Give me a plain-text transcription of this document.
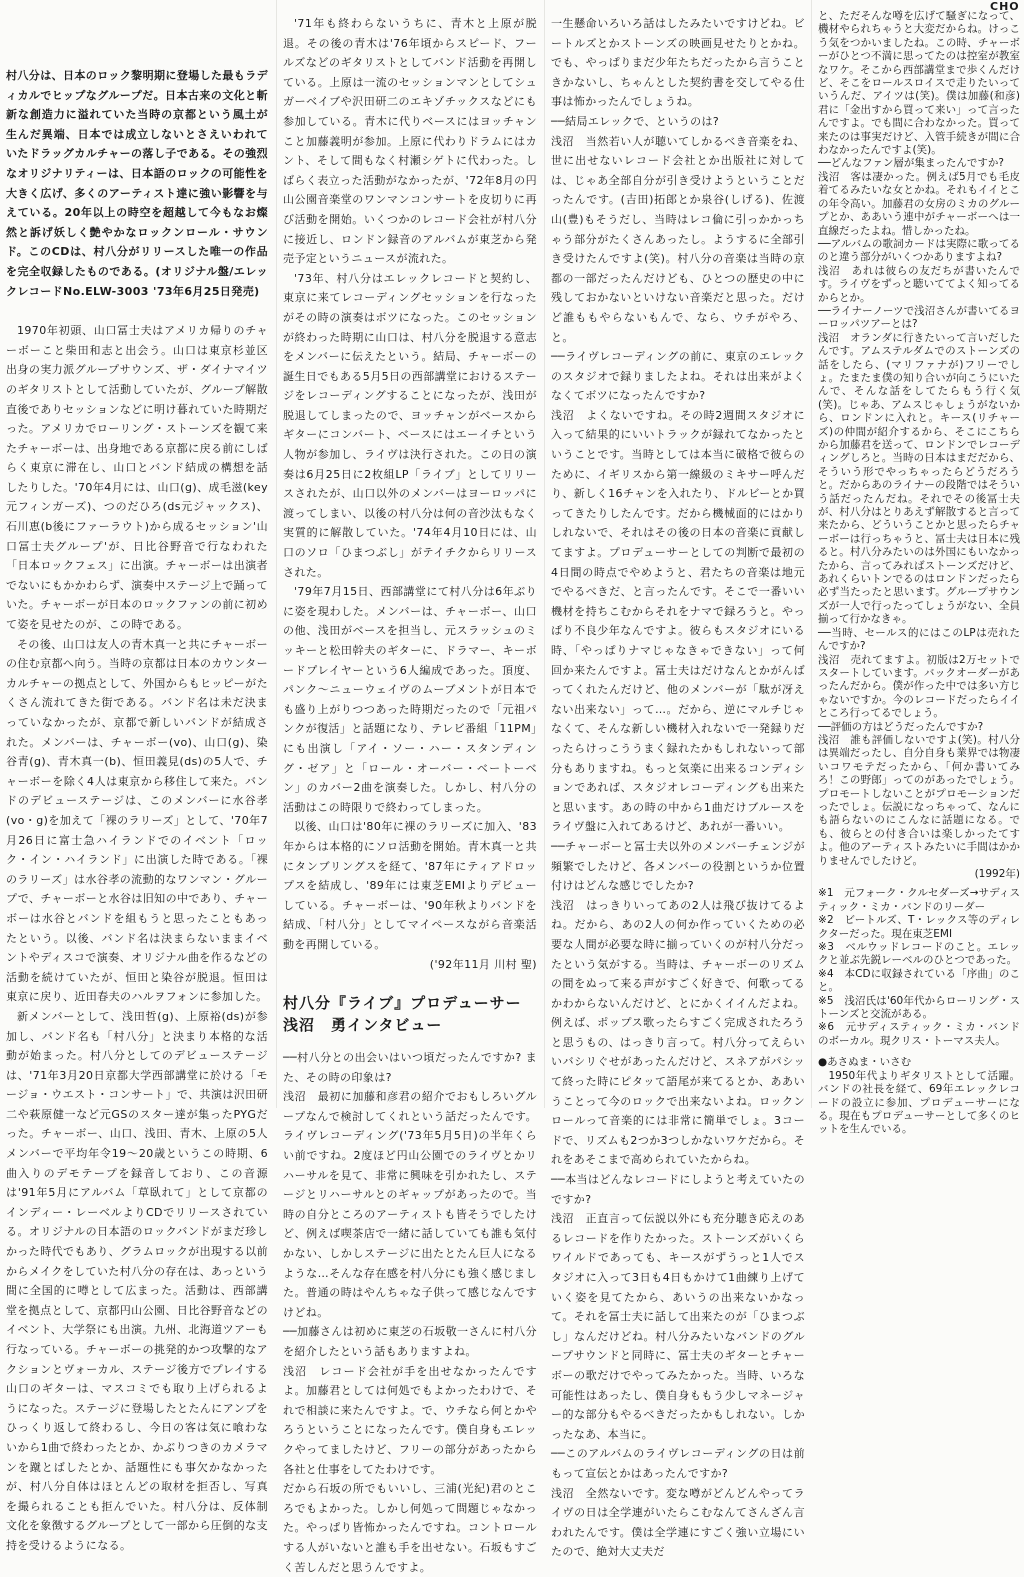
CHO

村八分は、日本のロック黎明期に登場した最もラディカルでヒップなグループだ。日本古来の文化と斬新な創造力に溢れていた当時の京都という風土が生んだ異端、日本では成立しないとさえいわれていたドラッグカルチャーの落し子である。その強烈なオリジナリティーは、日本語のロックの可能性を大きく広げ、多くのアーティスト達に強い影響を与えている。20年以上の時空を超越して今もなお燦然と訴げ妖しく艶やかなロックンロール・サウンド。このCDは、村八分がリリースした唯一の作品を完全収録したものである。(オリジナル盤/エレックレコードNo.ELW-3003 '73年6月25日発売)

1970年初頭、山口冨士夫はアメリカ帰りのチャーボーこと柴田和志と出会う。山口は東京杉並区出身の実力派グループサウンズ、ザ・ダイナマイツのギタリストとして活動していたが、グループ解散直後でありセッションなどに明け暮れていた時期だった。アメリカでローリング・ストーンズを観て来たチャーボーは、出身地である京都に戻る前にしばらく東京に滞在し、山口とバンド結成の構想を話したりした。'70年4月には、山口(g)、成毛滋(key元フィンガーズ)、つのだひろ(ds元ジャックス)、石川恵(b後にファーラウト)から成るセッション'山口冨士夫グループ'が、日比谷野音で行なわれた「日本ロックフェス」に出演。チャーボーは出演者でないにもかかわらず、演奏中ステージ上で踊っていた。チャーボーが日本のロックファンの前に初めて姿を見せたのが、この時である。

その後、山口は友人の青木真一と共にチャーボーの住む京都へ向う。当時の京都は日本のカウンターカルチャーの拠点として、外国からもヒッピーがたくさん流れてきた街である。バンド名は未だ決まっていなかったが、京都で新しいバンドが結成された。メンバーは、チャーボー(vo)、山口(g)、染谷青(g)、青木真一(b)、恒田義見(ds)の5人で、チャーボーを除く4人は東京から移住して来た。バンドのデビューステージは、このメンバーに水谷孝(vo・g)を加えて「裸のラリーズ」として、'70年7月26日に富士急ハイランドでのイベント「ロック・イン・ハイランド」に出演した時である。「裸のラリーズ」は水谷孝の流動的なワンマン・グループで、チャーボーと水谷は旧知の中であり、チャーボーは水谷とバンドを組もうと思ったこともあったという。以後、バンド名は決まらないままイベントやディスコで演奏、オリジナル曲を作るなどの活動を続けていたが、恒田と染谷が脱退。恒田は東京に戻り、近田春夫のハルヲフォンに参加した。

新メンバーとして、浅田哲(g)、上原裕(ds)が参加し、バンド名も「村八分」と決まり本格的な活動が始まった。村八分としてのデビューステージは、'71年3月20日京都大学西部講堂に於ける「モージョ・ウエスト・コンサート」で、共演は沢田研二や萩原健一など元GSのスター達が集ったPYGだった。チャーボー、山口、浅田、青木、上原の5人メンバーで平均年令19〜20歳というこの時期、6曲入りのデモテープを録音しており、この音源は'91年5月にアルバム「草臥れて」として京都のインディー・レーベルよりCDでリリースされている。オリジナルの日本語のロックバンドがまだ珍しかった時代でもあり、グラムロックが出現する以前からメイクをしていた村八分の存在は、あっという間に全国的に噂として広まった。活動は、西部講堂を拠点として、京都円山公園、日比谷野音などのイベント、大学祭にも出演。九州、北海道ツアーも行なっている。チャーボーの挑発的かつ攻撃的なアクションとヴォーカル、ステージ後方でプレイする山口のギターは、マスコミでも取り上げられるようになった。ステージに登場したとたんにアンプをひっくり返して終わるし、今日の客は気に喰わないから1曲で終わったとか、かぶりつきのカメラマンを蹴とばしたとか、話題性にも事欠かなかったが、村八分自体はほとんどの取材を拒否し、写真を撮られることも拒んでいた。村八分は、反体制文化を象徴するグループとして一部から圧倒的な支持を受けるようになる。

'71年も終わらないうちに、青木と上原が脱退。その後の青木は'76年頃からスピード、フールズなどのギタリストとしてバンド活動を再開している。上原は一流のセッションマンとしてシュガーベイブや沢田研二のエキゾチックスなどにも参加している。青木に代りベースにはヨッチャンこと加藤義明が参加。上原に代わりドラムにはカント、そして間もなく村瀬シゲトに代わった。しばらく表立った活動がなかったが、'72年8月の円山公園音楽堂のワンマンコンサートを皮切りに再び活動を開始。いくつかのレコード会社が村八分に接近し、ロンドン録音のアルバムが東芝から発売予定というニュースが流れた。

'73年、村八分はエレックレコードと契約し、東京に来てレコーディングセッションを行なったがその時の演奏はボツになった。このセッションが終わった時期に山口は、村八分を脱退する意志をメンバーに伝えたという。結局、チャーボーの誕生日でもある5月5日の西部講堂におけるステージをレコーディングすることになったが、浅田が脱退してしまったので、ヨッチャンがベースからギターにコンバート、ベースにはエーイチという人物が参加し、ライヴは決行された。この日の演奏は6月25日に2枚組LP「ライブ」としてリリースされたが、山口以外のメンバーはヨーロッパに渡ってしまい、以後の村八分は何の音沙汰もなく実質的に解散していた。'74年4月10日には、山口のソロ「ひまつぶし」がテイチクからリリースされた。

'79年7月15日、西部講堂にて村八分は6年ぶりに姿を現わした。メンバーは、チャーボー、山口の他、浅田がベースを担当し、元スラッシュのミッキーと松田幹夫のギターに、ドラマー、キーボードプレイヤーという6人編成であった。頂度、パンク〜ニューウェイヴのムーブメントが日本でも盛り上がりつつあった時期だったので「元祖パンクが復活」と話題になり、テレビ番組「11PM」にも出演し「アイ・ソー・ハー・スタンディング・ゼア」と「ロール・オーバー・ベートーベン」のカバー2曲を演奏した。しかし、村八分の活動はこの時限りで終わってしまった。

以後、山口は'80年に裸のラリーズに加入、'83年からは本格的にソロ活動を開始。青木真一と共にタンブリングスを経て、'87年にティアドロップスを結成し、'89年には東芝EMIよりデビューしている。チャーボーは、'90年秋よりバンドを結成、「村八分」としてマイペースながら音楽活動を再開している。

('92年11月 川村 聖)

村八分『ライブ』プロデューサー
浅沼　勇インタビュー

──村八分との出会いはいつ頃だったんですか? また、その時の印象は?

浅沼　最初に加藤和彦君の紹介でおもしろいグループなんで検討してくれという話だったんです。ライヴレコーディング('73年5月5日)の半年くらい前ですね。2度ほど円山公園でのライヴとかリハーサルを見て、非常に興味を引かれたし、ステージとリハーサルとのギャップがあったので。当時の自分ところのアーティストも皆そうでしたけど、例えば喫茶店で一緒に話していても誰も気付かない、しかしステージに出たとたん巨人になるような…そんな存在感を村八分にも強く感じました。普通の時はやんちゃな子供って感じなんですけどね。

──加藤さんは初めに東芝の石坂敬一さんに村八分を紹介したという話もありますよね。

浅沼　レコード会社が手を出せなかったんですよ。加藤君としては何処でもよかったわけで、それで相談に来たんですよ。で、ウチなら何とかやろうということになったんです。僕自身もエレックやってましたけど、フリーの部分があったから各社と仕事をしてたわけです。

だから石坂の所でもいいし、三浦(光紀)君のところでもよかった。しかし何処って問題じゃなかった。やっぱり皆怖かったんですね。コントロールする人がいないと誰も手を出せない。石坂もすごく苦しんだと思うんですよ。

一生懸命いろいろ話はしたみたいですけどね。ビートルズとかストーンズの映画見せたりとかね。でも、やっぱりまだ少年たちだったから言うこときかないし、ちゃんとした契約書を交してやる仕事は怖かったんでしょうね。

──結局エレックで、というのは?

浅沼　当然若い人が聴いてしかるべき音楽をね、世に出せないレコード会社とか出版社に対しては、じゃあ全部自分が引き受けようということだったんです。(吉田)拓郎とか泉谷(しげる)、佐渡山(豊)もそうだし、当時はレコ倫に引っかかっちゃう部分がたくさんあったし。ようするに全部引き受けたんですよ(笑)。村八分の音楽は当時の京都の一部だったんだけども、ひとつの歴史の中に残しておかないといけない音楽だと思った。だけど誰ももやらないもんで、なら、ウチがやろ、と。

──ライヴレコーディングの前に、東京のエレックのスタジオで録りましたよね。それは出来がよくなくてボツになったんですか?

浅沼　よくないですね。その時2週間スタジオに入って結果的にいいトラックが録れてなかったということです。当時としては本当に破格で彼らのために、イギリスから第一線級のミキサー呼んだり、新しく16チャンを入れたり、ドルビーとか買ってきたりしたんです。だから機械面的にはかりしれないで、それはその後の日本の音楽に貢献してますよ。プロデューサーとしての判断で最初の4日間の時点でやめようと、君たちの音楽は地元でやるべきだ、と言ったんです。そこで一番いい機材を持ちこむからそれをナマで録ろうと。やっぱり不良少年なんですよ。彼らもスタジオにいる時、「やっぱりナマじゃなきゃできない」って何回か来たんですよ。冨士夫はだけなんとかがんばってくれたんだけど、他のメンバーが「駄が冴えない出来ない」って…。だから、逆にマルチじゃなくて、そんな新しい機材入れないで一発録りだったらけっこううまく録れたかもしれないって部分もありますね。もっと気楽に出来るコンディションであれば、スタジオレコーディングも出来たと思います。あの時の中から1曲だけブルースをライヴ盤に入れてあるけど、あれが一番いい。

──チャーボーと冨士夫以外のメンバーチェンジが頻繁でしたけど、各メンバーの役割というか位置付けはどんな感じでしたか?

浅沼　はっきりいってあの2人は飛び抜けてるよね。だから、あの2人の何か作っていくための必要な人間が必要な時に揃っていくのが村八分だったという気がする。当時は、チャーボーのリズムの間をぬって来る声がすごく好きで、何歌ってるかわからないんだけど、とにかくイイんだよね。例えば、ポップス歌ったらすごく完成されたろうと思うもの、はっきり言って。村八分ってえらいいバシリぐせがあったんだけど、スネアがパシッて終った時にピタッて語尾が来てるとか、ああいうことって今のロックで出来ないよね。ロックンロールって音楽的には非常に簡単でしょ。3コードで、リズムも2つか3つしかないワケだから。それをあそこまで高められていたからね。

──本当はどんなレコードにしようと考えていたのですか?

浅沼　正直言って伝説以外にも充分聴き応えのあるレコードを作りたかった。ストーンズがいくらワイルドであっても、キースがずうっと1人でスタジオに入って3日も4日もかけて1曲練り上げていく姿を見てたから、あいうの出来ないかなって。それを冨士夫に話して出来たのが「ひまつぶし」なんだけどね。村八分みたいなバンドのグループサウンドと同時に、冨士夫のギターとチャーボーの歌だけでやってみたかった。当時、いろな可能性はあったし、僕自身ももう少しマネージャー的な部分もやるべきだったかもしれない。しかったなあ、本当に。

──このアルバムのライヴレコーディングの日は前もって宣伝とかはあったんですか?

浅沼　全然ないです。変な噂がどんどんやってライヴの日は全学連がいたらこむなんてさんざん言われたんです。僕は全学連にすごく強い立場にいたので、絶対大丈夫だ

と、ただそんな噂を広げて騒ぎになって、機材やられちゃうと大変だからね。けっこう気をつかいましたね。この時、チャーボーがひとつ不満に思ってたのは控室が教室なワケ。そこから西部講堂まで歩くんだけど、そこをロールスロイスで走りたいっていうんだ、アイツは(笑)。僕は加藤(和彦)君に「金出すから買って来い」って言ったんですよ。でも間に合わなかった。買って来たのは事実だけど、入管手続きが間に合わなかったんですよ(笑)。

──どんなファン層が集まったんですか?

浅沼　客は凄かった。例えば5月でも毛皮着てるみたいな女とかね。それもイイとこの年令高い。加藤君の女房のミカのグループとか、ああいう連中がチャーボーへは一直線だったよね。惜しかったね。

──アルバムの歌詞カードは実際に歌ってるのと違う部分がいくつかありますよね?

浅沼　あれは彼らの友だちが書いたんです。ライヴをずっと聴いててよく知ってるからとか。

──ライナーノーツで浅沼さんが書いてるヨーロッパツアーとは?

浅沼　オランダに行きたいって言いだしたんです。アムステルダムでのストーンズの話をしたら、(マリファナが)フリーでしょ。たまたま僕の知り合いが向こうにいたんで、そんな話をしてたらもう行く気(笑)。じゃあ、アムスじゃしょうがないから、ロンドンに入れと。キース(リチャーズ)の仲間が紹介するから、そこにこちらから加藤君を送って、ロンドンでレコーディングしろと。当時の日本はまだだから、そういう形でやっちゃったらどうだろうと。だからあのライナーの段階ではそういう話だったんだね。それでその後冨士夫が、村八分はとりあえず解散すると言って来たから、どういうことかと思ったらチャーボーは行っちゃうと、冨士夫は日本に残ると。村八分みたいのは外国にもいなかったから、言ってみればストーンズだけど、あれくらいトンでるのはロンドンだったら必ず当たったと思います。グループサウンズが一人で行ったってしょうがない、全員揃って行かなきゃ。

──当時、セールス的にはこのLPは売れたんですか?

浅沼　売れてますよ。初版は2万セットでスタートしています。バックオーダーがあったんだから。僕が作った中では多い方じゃないですか。今のレコードだったらイイところ行ってるでしょう。

──評価の方はどうだったんですか?

浅沼　誰も評価しないですよ(笑)。村八分は異端だったし、自分自身も業界では物凄いコワモテだったから、「何か書いてみろ！この野郎」ってのがあったでしょう。プロモートしないことがプロモーションだったでしょ。伝説になっちゃって、なんにも語らないのにこんなに話題になる。でも、彼らとの付き合いは楽しかったてすよ。他のアーティストみたいに手間はかかりませんでしたけど。

(1992年)

※1　元フォーク・クルセダーズ→サディスティック・ミカ・バンドのリーダー

※2　ビートルズ、T・レックス等のディレクターだった。現在東芝EMI

※3　ベルウッドレコードのこと。エレックと並ぶ先鋭レーベルのひとつであった。

※4　本CDに収録されている「序曲」のこと。

※5　浅沼氏は'60年代からローリング・ストーンズと交流がある。

※6　元サディスティック・ミカ・バンドのボーカル。現クリス・トーマス夫人。

●あさぬま・いさむ

1950年代よりギタリストとして活躍。バンドの社長を経て、69年エレックレコードの設立に参加、プロデューサーになる。現在もプロデューサーとして多くのヒットを生んでいる。
